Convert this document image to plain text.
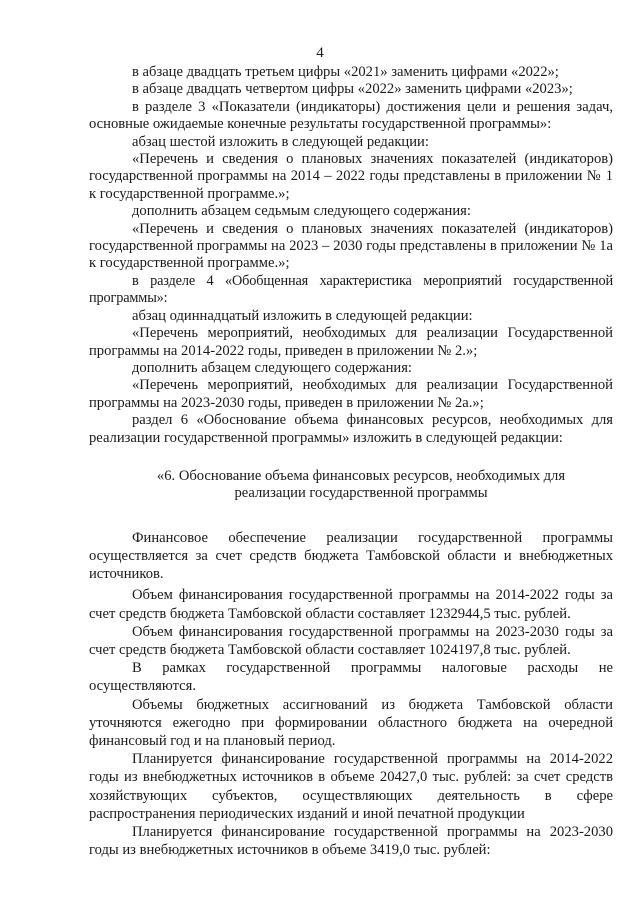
4

в абзаце двадцать третьем цифры «2021» заменить цифрами «2022»;

в абзаце двадцать четвертом цифры «2022» заменить цифрами «2023»;

в разделе 3 «Показатели (индикаторы) достижения цели и решения задач, основные ожидаемые конечные результаты государственной программы»:

абзац шестой изложить в следующей редакции:

«Перечень и сведения о плановых значениях показателей (индикаторов) государственной программы на 2014 – 2022 годы представлены в приложении № 1 к государственной программе.»;

дополнить абзацем седьмым следующего содержания:

«Перечень и сведения о плановых значениях показателей (индикаторов) государственной программы на 2023 – 2030 годы представлены в приложении № 1а к государственной программе.»;

в разделе 4 «Обобщенная характеристика мероприятий государственной программы»:

абзац одиннадцатый изложить в следующей редакции:

«Перечень мероприятий, необходимых для реализации Государственной программы на 2014-2022 годы, приведен в приложении № 2.»;

дополнить абзацем следующего содержания:

«Перечень мероприятий, необходимых для реализации Государственной программы на 2023-2030 годы, приведен в приложении № 2а.»;

раздел 6 «Обоснование объема финансовых ресурсов, необходимых для реализации государственной программы» изложить в следующей редакции:

«6. Обоснование объема финансовых ресурсов, необходимых для
реализации государственной программы

Финансовое обеспечение реализации государственной программы осуществляется за счет средств бюджета Тамбовской области и внебюджетных источников.

Объем финансирования государственной программы на 2014-2022 годы за счет средств бюджета Тамбовской области составляет 1232944,5 тыс. рублей.

Объем финансирования государственной программы на 2023-2030 годы за счет средств бюджета Тамбовской области составляет 1024197,8 тыс. рублей.

В рамках государственной программы налоговые расходы не осуществляются.

Объемы бюджетных ассигнований из бюджета Тамбовской области уточняются ежегодно при формировании областного бюджета на очередной финансовый год и на плановый период.

Планируется финансирование государственной программы на 2014-2022 годы из внебюджетных источников в объеме 20427,0 тыс. рублей: за счет средств хозяйствующих субъектов, осуществляющих деятельность в сфере распространения периодических изданий и иной печатной продукции

Планируется финансирование государственной программы на 2023-2030 годы из внебюджетных источников в объеме 3419,0 тыс. рублей:
